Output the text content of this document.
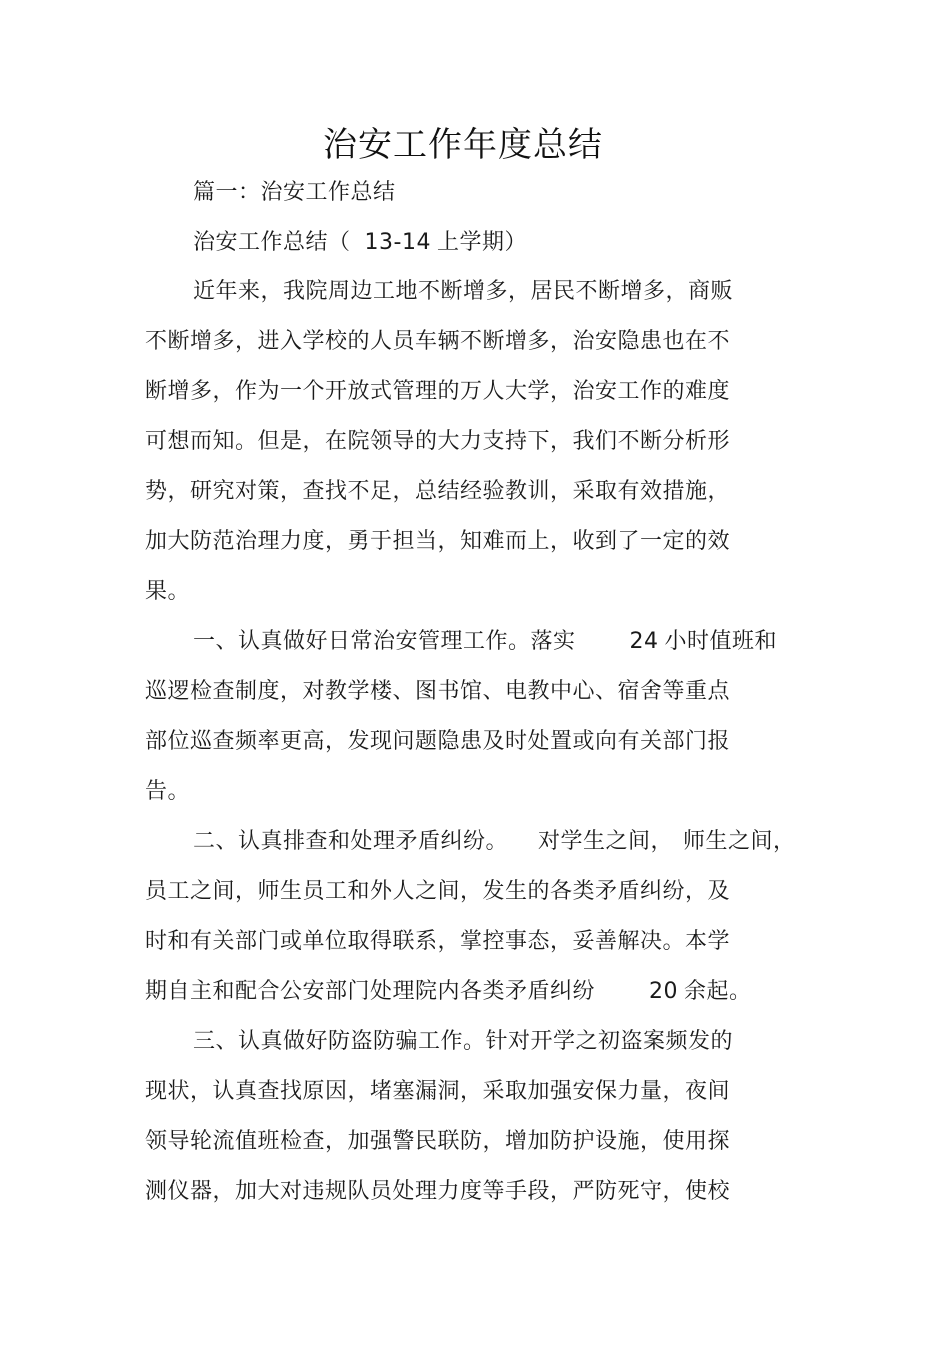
治安工作年度总结
篇一：治安工作总结
治安工作总结（ 13-14 上学期）
近年来，我院周边工地不断增多，居民不断增多，商贩
不断增多，进入学校的人员车辆不断增多，治安隐患也在不
断增多，作为一个开放式管理的万人大学，治安工作的难度
可想而知。但是，在院领导的大力支持下，我们不断分析形
势，研究对策，查找不足，总结经验教训，采取有效措施，
加大防范治理力度，勇于担当，知难而上，收到了一定的效
果。
一、认真做好日常治安管理工作。落实 24 小时值班和
巡逻检查制度，对教学楼、图书馆、电教中心、宿舍等重点
部位巡查频率更高，发现问题隐患及时处置或向有关部门报
告。
二、认真排查和处理矛盾纠纷。 对学生之间， 师生之间，
员工之间，师生员工和外人之间，发生的各类矛盾纠纷，及
时和有关部门或单位取得联系，掌控事态，妥善解决。本学
期自主和配合公安部门处理院内各类矛盾纠纷 20 余起。
三、认真做好防盗防骗工作。针对开学之初盗案频发的
现状，认真查找原因，堵塞漏洞，采取加强安保力量，夜间
领导轮流值班检查，加强警民联防，增加防护设施，使用探
测仪器，加大对违规队员处理力度等手段，严防死守，使校
